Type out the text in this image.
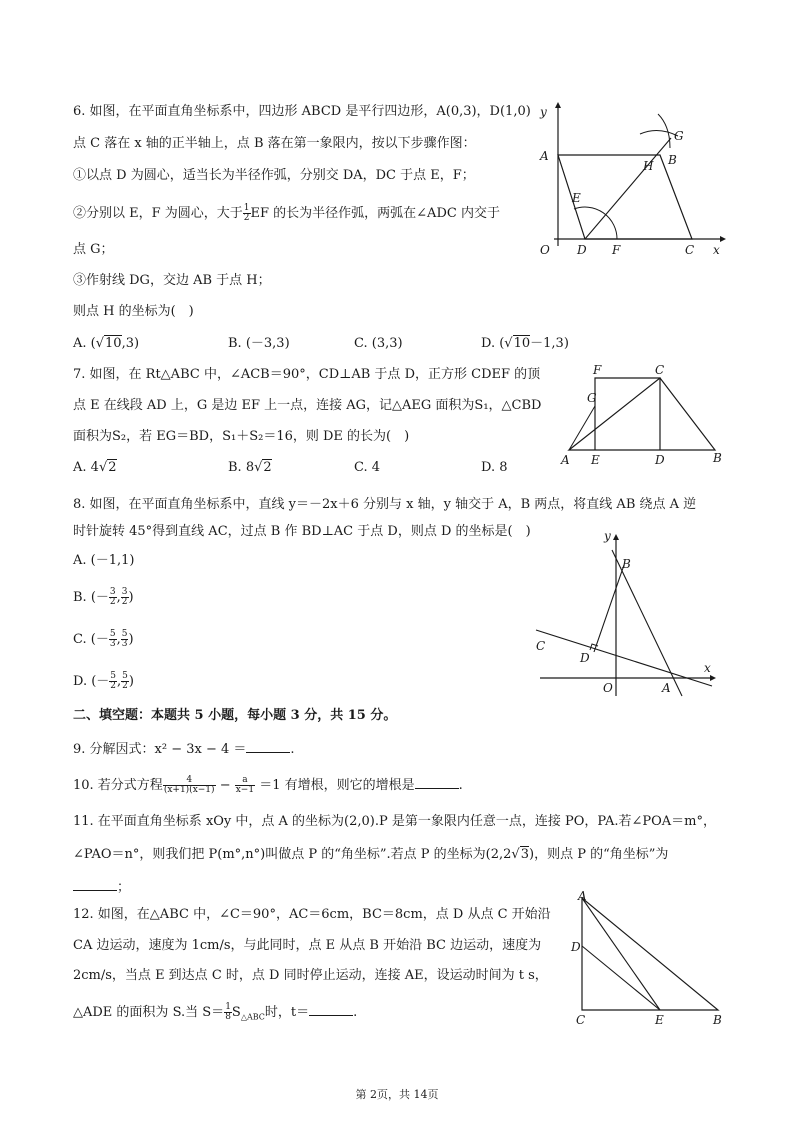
6. 如图，在平面直角坐标系中，四边形 ABCD 是平行四边形，A(0,3)，D(1,0)
点 C 落在 x 轴的正半轴上，点 B 落在第一象限内，按以下步骤作图：
①以点 D 为圆心，适当长为半径作弧，分别交 DA，DC 于点 E，F；
②分别以 E，F 为圆心，大于 $\frac{1}{2}$ EF 的长为半径作弧，两弧在∠ADC 内交于
点 G；
③作射线 DG，交边 AB 于点 H；
则点 H 的坐标为(　)
A. (√10,3)	B. (－3,3)	C. (3,3)	D. (√10－1,3)
y
A
G
H B
E
O D F	C x
7. 如图，在 Rt△ABC 中，∠ACB＝90°，CD⊥AB 于点 D，正方形 CDEF 的顶
点 E 在线段 AD 上，G 是边 EF 上一点，连接 AG，记△AEG 面积为S₁，△CBD
面积为S₂，若 EG＝BD，S₁＋S₂＝16，则 DE 的长为(　)
A. 4√2	B. 8√2	C. 4	D. 8
F	C
G
A E	D	B
8. 如图，在平面直角坐标系中，直线 y＝－2x＋6 分别与 x 轴，y 轴交于 A，B 两点，将直线 AB 绕点 A 逆
时针旋转 45°得到直线 AC，过点 B 作 BD⊥AC 于点 D，则点 D 的坐标是(　)
A. (－1,1)
B. (－ $\frac{3}{2}$ , $\frac{3}{2}$ )
C. (－ $\frac{5}{3}$ , $\frac{5}{3}$ )
D. (－ $\frac{5}{2}$ , $\frac{5}{2}$ )
y
B
C
D
x
O	A
二、填空题：本题共 5 小题，每小题 3 分，共 15 分。
9. 分解因式：x² − 3x − 4 ＝	.
10. 若分式方程 $\frac{4}{(x+1)(x-1)} - \frac{a}{x-1} =1$ 有增根，则它的增根是	.
11. 在平面直角坐标系 xOy 中，点 A 的坐标为(2,0).P 是第一象限内任意一点，连接 PO，PA.若∠POA＝m°，
∠PAO＝n°，则我们把 P(m°,n°)叫做点 P 的“角坐标”.若点 P 的坐标为(2,2√3)，则点 P 的“角坐标”为
；
12. 如图，在△ABC 中，∠C＝90°，AC＝6cm，BC＝8cm，点 D 从点 C 开始沿
CA 边运动，速度为 1cm/s，与此同时，点 E 从点 B 开始沿 BC 边运动，速度为
2cm/s，当点 E 到达点 C 时，点 D 同时停止运动，连接 AE，设运动时间为 t s，
△ADE 的面积为 S.当 $S= \frac{1}{8} S_{\triangle ABC}$时，t＝	.
A
D
C	E	B
第 2页，共 14页
